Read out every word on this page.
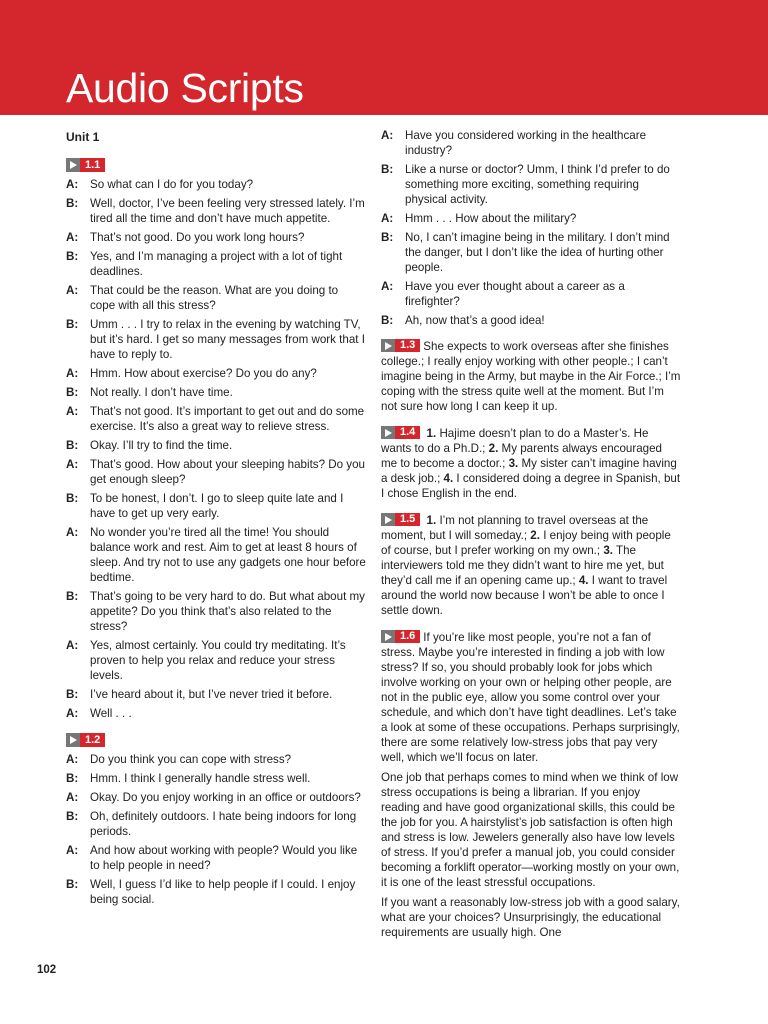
Audio Scripts
Unit 1
1.1
A:	So what can I do for you today?
B:	Well, doctor, I’ve been feeling very stressed lately. I’m tired all the time and don’t have much appetite.
A:	That’s not good. Do you work long hours?
B:	Yes, and I’m managing a project with a lot of tight deadlines.
A:	That could be the reason. What are you doing to cope with all this stress?
B:	Umm . . . I try to relax in the evening by watching TV, but it’s hard. I get so many messages from work that I have to reply to.
A:	Hmm. How about exercise? Do you do any?
B:	Not really. I don’t have time.
A:	That’s not good. It’s important to get out and do some exercise. It’s also a great way to relieve stress.
B:	Okay. I’ll try to find the time.
A:	That’s good. How about your sleeping habits? Do you get enough sleep?
B:	To be honest, I don’t. I go to sleep quite late and I have to get up very early.
A:	No wonder you’re tired all the time! You should balance work and rest. Aim to get at least 8 hours of sleep. And try not to use any gadgets one hour before bedtime.
B:	That’s going to be very hard to do. But what about my appetite? Do you think that’s also related to the stress?
A:	Yes, almost certainly. You could try meditating. It’s proven to help you relax and reduce your stress levels.
B:	I’ve heard about it, but I’ve never tried it before.
A:	Well . . .
1.2
A:	Do you think you can cope with stress?
B:	Hmm. I think I generally handle stress well.
A:	Okay. Do you enjoy working in an office or outdoors?
B:	Oh, definitely outdoors. I hate being indoors for long periods.
A:	And how about working with people? Would you like to help people in need?
B:	Well, I guess I’d like to help people if I could. I enjoy being social.
A:	Have you considered working in the healthcare industry?
B:	Like a nurse or doctor? Umm, I think I’d prefer to do something more exciting, something requiring physical activity.
A:	Hmm . . . How about the military?
B:	No, I can’t imagine being in the military. I don’t mind the danger, but I don’t like the idea of hurting other people.
A:	Have you ever thought about a career as a firefighter?
B:	Ah, now that’s a good idea!
1.3 She expects to work overseas after she finishes college.; I really enjoy working with other people.; I can’t imagine being in the Army, but maybe in the Air Force.; I’m coping with the stress quite well at the moment. But I’m not sure how long I can keep it up.
1.4 1. Hajime doesn’t plan to do a Master’s. He wants to do a Ph.D.; 2. My parents always encouraged me to become a doctor.; 3. My sister can’t imagine having a desk job.; 4. I considered doing a degree in Spanish, but I chose English in the end.
1.5 1. I’m not planning to travel overseas at the moment, but I will someday.; 2. I enjoy being with people of course, but I prefer working on my own.; 3. The interviewers told me they didn’t want to hire me yet, but they’d call me if an opening came up.; 4. I want to travel around the world now because I won’t be able to once I settle down.
1.6 If you’re like most people, you’re not a fan of stress. Maybe you’re interested in finding a job with low stress? If so, you should probably look for jobs which involve working on your own or helping other people, are not in the public eye, allow you some control over your schedule, and which don’t have tight deadlines. Let’s take a look at some of these occupations. Perhaps surprisingly, there are some relatively low-stress jobs that pay very well, which we’ll focus on later.
One job that perhaps comes to mind when we think of low stress occupations is being a librarian. If you enjoy reading and have good organizational skills, this could be the job for you. A hairstylist’s job satisfaction is often high and stress is low. Jewelers generally also have low levels of stress. If you’d prefer a manual job, you could consider becoming a forklift operator—working mostly on your own, it is one of the least stressful occupations.
If you want a reasonably low-stress job with a good salary, what are your choices? Unsurprisingly, the educational requirements are usually high. One
102
